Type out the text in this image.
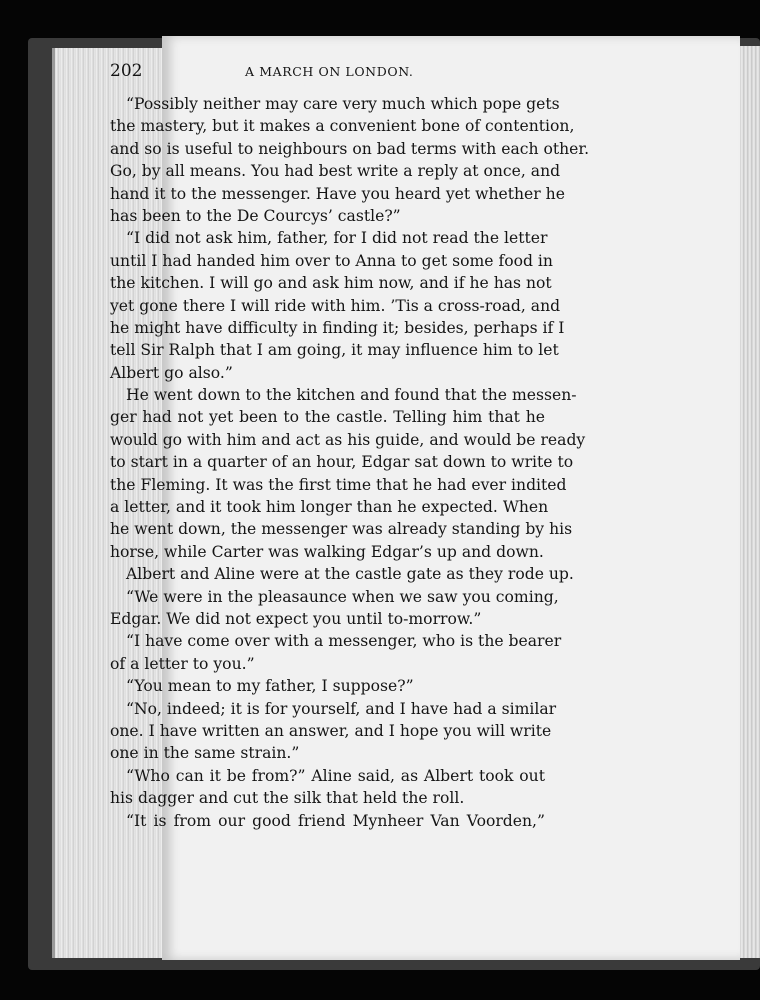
202	A MARCH ON LONDON.
“Possibly neither may care very much which pope gets
the mastery, but it makes a convenient bone of contention,
and so is useful to neighbours on bad terms with each other.
Go, by all means. You had best write a reply at once, and
hand it to the messenger. Have you heard yet whether he
has been to the De Courcys’ castle?”
“I did not ask him, father, for I did not read the letter
until I had handed him over to Anna to get some food in
the kitchen. I will go and ask him now, and if he has not
yet gone there I will ride with him. ’Tis a cross-road, and
he might have difficulty in finding it; besides, perhaps if I
tell Sir Ralph that I am going, it may influence him to let
Albert go also.”
He went down to the kitchen and found that the messen-
ger had not yet been to the castle. Telling him that he
would go with him and act as his guide, and would be ready
to start in a quarter of an hour, Edgar sat down to write to
the Fleming. It was the first time that he had ever indited
a letter, and it took him longer than he expected. When
he went down, the messenger was already standing by his
horse, while Carter was walking Edgar’s up and down.
Albert and Aline were at the castle gate as they rode up.
“We were in the pleasaunce when we saw you coming,
Edgar. We did not expect you until to-morrow.”
“I have come over with a messenger, who is the bearer
of a letter to you.”
“You mean to my father, I suppose?”
“No, indeed; it is for yourself, and I have had a similar
one. I have written an answer, and I hope you will write
one in the same strain.”
“Who can it be from?” Aline said, as Albert took out
his dagger and cut the silk that held the roll.
“It is from our good friend Mynheer Van Voorden,”
